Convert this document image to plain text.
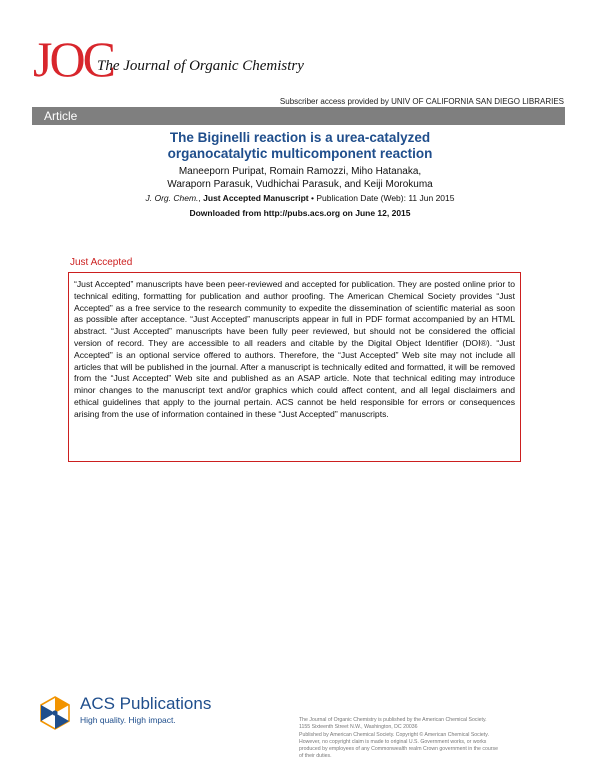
JOC
The Journal of Organic Chemistry
Subscriber access provided by UNIV OF CALIFORNIA SAN DIEGO LIBRARIES
Article
The Biginelli reaction is a urea-catalyzed
organocatalytic multicomponent reaction
Maneeporn Puripat, Romain Ramozzi, Miho Hatanaka,
Waraporn Parasuk, Vudhichai Parasuk, and Keiji Morokuma
J. Org. Chem., Just Accepted Manuscript • Publication Date (Web): 11 Jun 2015
Downloaded from http://pubs.acs.org on June 12, 2015
Just Accepted

“Just Accepted” manuscripts have been peer-reviewed and accepted for publication. They are posted online prior to technical editing, formatting for publication and author proofing. The American Chemical Society provides “Just Accepted” as a free service to the research community to expedite the dissemination of scientific material as soon as possible after acceptance. “Just Accepted” manuscripts appear in full in PDF format accompanied by an HTML abstract. “Just Accepted” manuscripts have been fully peer reviewed, but should not be considered the official version of record. They are accessible to all readers and citable by the Digital Object Identifier (DOI®). “Just Accepted” is an optional service offered to authors. Therefore, the “Just Accepted” Web site may not include all articles that will be published in the journal. After a manuscript is technically edited and formatted, it will be removed from the “Just Accepted” Web site and published as an ASAP article. Note that technical editing may introduce minor changes to the manuscript text and/or graphics which could affect content, and all legal disclaimers and ethical guidelines that apply to the journal pertain. ACS cannot be held responsible for errors or consequences arising from the use of information contained in these “Just Accepted” manuscripts.

ACS Publications
High quality. High impact.	The Journal of Organic Chemistry is published by the American Chemical Society.

1155 Sixteenth Street N.W., Washington, DC 20036

Published by American Chemical Society. Copyright © American Chemical Society.

However, no copyright claim is made to original U.S. Government works, or works

produced by employees of any Commonwealth realm Crown government in the course

of their duties.
